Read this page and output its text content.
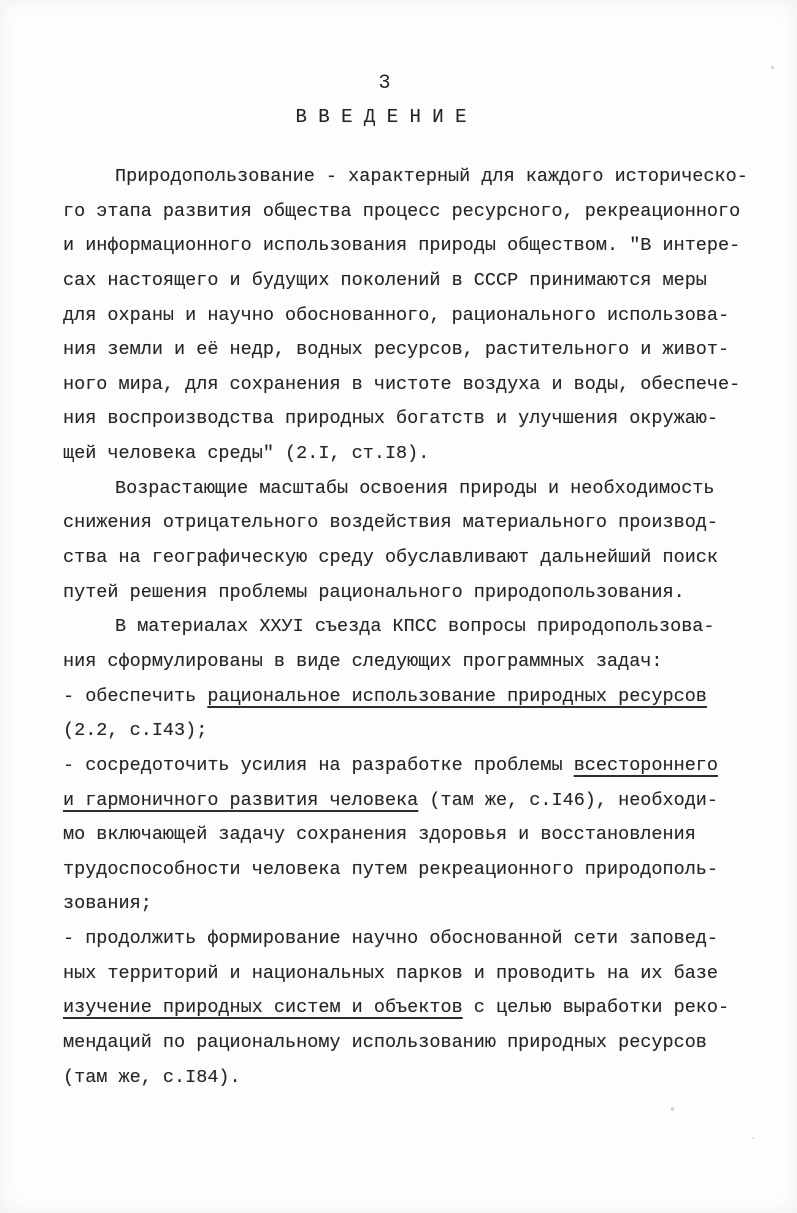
3
В В Е Д Е Н И Е
Природопользование - характерный для каждого историческо-
го этапа развития общества процесс ресурсного, рекреационного
и информационного использования природы обществом. "В интере-
сах настоящего и будущих поколений в СССР принимаются меры
для охраны и научно обоснованного, рационального использова-
ния земли и её недр, водных ресурсов, растительного и живот-
ного мира, для сохранения в чистоте воздуха и воды, обеспече-
ния воспроизводства природных богатств и улучшения окружаю-
щей человека среды" (2.I, ст.I8).
Возрастающие масштабы освоения природы и необходимость
снижения отрицательного воздействия материального производ-
ства на географическую среду обуславливают дальнейший поиск
путей решения проблемы рационального природопользования.
В материалах ХХУI съезда КПСС вопросы природопользова-
ния сформулированы в виде следующих программных задач:
- обеспечить рациональное использование природных ресурсов
(2.2, с.I43);
- сосредоточить усилия на разработке проблемы всестороннего
и гармоничного развития человека (там же, с.I46), необходи-
мо включающей задачу сохранения здоровья и восстановления
трудоспособности человека путем рекреационного природополь-
зования;
- продолжить формирование научно обоснованной сети заповед-
ных территорий и национальных парков и проводить на их базе
изучение природных систем и объектов с целью выработки реко-
мендаций по рациональному использованию природных ресурсов
(там же, с.I84).
